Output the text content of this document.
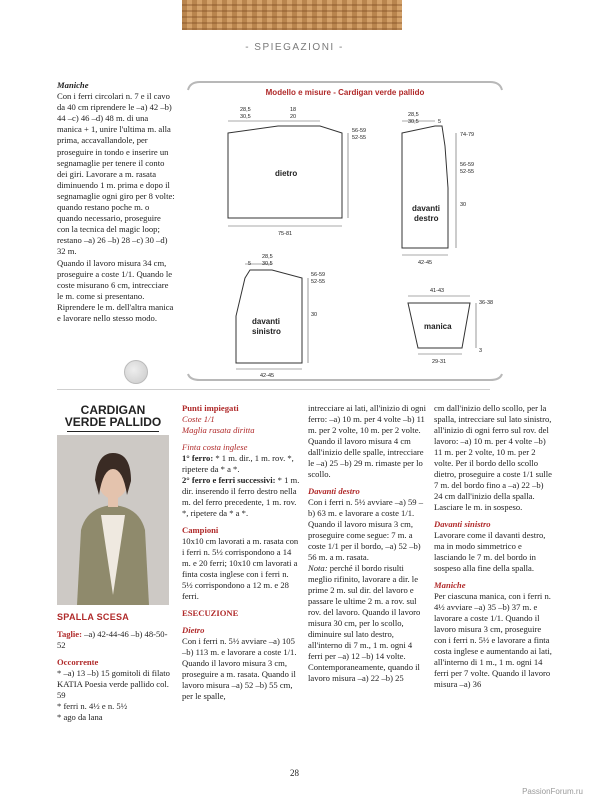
- SPIEGAZIONI -

Maniche

Con i ferri circolari n. 7 e il cavo da 40 cm riprendere le –a) 42 –b) 44 –c) 46 –d) 48 m. di una manica + 1, unire l'ultima m. alla prima, accavallandole, per proseguire in tondo e inserire un segnamaglie per tenere il conto dei giri. Lavorare a m. rasata diminuendo 1 m. prima e dopo il segnamaglie ogni giro per 8 volte: quando restano poche m. o quando necessario, proseguire con la tecnica del magic loop; restano –a) 26 –b) 28 –c) 30 –d) 32 m.

Quando il lavoro misura 34 cm, proseguire a coste 1/1. Quando le coste misurano 6 cm, intrecciare le m. come si presentano.

Riprendere le m. dell'altra manica e lavorare nello stesso modo.

Modello e misure - Cardigan verde pallido
28,5
30,5
18
20
56-59
52-55
75-81
28,5
30,5	5
74-79
56-59
52-55
30
42-45
5
28,5
30,5
56-59
52-55
30
42-45
41-43
36-38
3
29-31
dietro
davanti
destro
davanti
sinistro
manica
CARDIGAN
VERDE PALLIDO

SPALLA SCESA

Taglie: –a) 42-44-46 –b) 48-50-52

Occorrente

* –a) 13 –b) 15 gomitoli di filato KATIA Poesia verde pallido col. 59

* ferri n. 4½ e n. 5½

* ago da lana

Punti impiegati

Coste 1/1

Maglia rasata diritta

Finta costa inglese

1° ferro: * 1 m. dir., 1 m. rov. *, ripetere da * a *.

2° ferro e ferri successivi: * 1 m. dir. inserendo il ferro destro nella m. del ferro precedente, 1 m. rov. *, ripetere da * a *.

Campioni

10x10 cm lavorati a m. rasata con i ferri n. 5½ corrispondono a 14 m. e 20 ferri; 10x10 cm lavorati a finta costa inglese con i ferri n. 5½ corrispondono a 12 m. e 28 ferri.

ESECUZIONE

Dietro

Con i ferri n. 5½ avviare –a) 105 –b) 113 m. e lavorare a coste 1/1. Quando il lavoro misura 3 cm, proseguire a m. rasata. Quando il lavoro misura –a) 52 –b) 55 cm, per le spalle,

intrecciare ai lati, all'inizio di ogni ferro: –a) 10 m. per 4 volte –b) 11 m. per 2 volte, 10 m. per 2 volte. Quando il lavoro misura 4 cm dall'inizio delle spalle, intrecciare le –a) 25 –b) 29 m. rimaste per lo scollo.

Davanti destro

Con i ferri n. 5½ avviare –a) 59 –b) 63 m. e lavorare a coste 1/1. Quando il lavoro misura 3 cm, proseguire come segue: 7 m. a coste 1/1 per il bordo, –a) 52 –b) 56 m. a m. rasata.

Nota: perché il bordo risulti meglio rifinito, lavorare a dir. le prime 2 m. sul dir. del lavoro e passare le ultime 2 m. a rov. sul rov. del lavoro. Quando il lavoro misura 30 cm, per lo scollo, diminuire sul lato destro, all'interno di 7 m., 1 m. ogni 4 ferri per –a) 12 –b) 14 volte. Contemporaneamente, quando il lavoro misura –a) 22 –b) 25

cm dall'inizio dello scollo, per la spalla, intrecciare sul lato sinistro, all'inizio di ogni ferro sul rov. del lavoro: –a) 10 m. per 4 volte –b) 11 m. per 2 volte, 10 m. per 2 volte. Per il bordo dello scollo dietro, proseguire a coste 1/1 sulle 7 m. del bordo fino a –a) 22 –b) 24 cm dall'inizio della spalla. Lasciare le m. in sospeso.

Davanti sinistro

Lavorare come il davanti destro, ma in modo simmetrico e lasciando le 7 m. del bordo in sospeso alla fine della spalla.

Maniche

Per ciascuna manica, con i ferri n. 4½ avviare –a) 35 –b) 37 m. e lavorare a coste 1/1. Quando il lavoro misura 3 cm, proseguire con i ferri n. 5½ e lavorare a finta costa inglese e aumentando ai lati, all'interno di 1 m., 1 m. ogni 14 ferri per 7 volte. Quando il lavoro misura –a) 36

28
PassionForum.ru
